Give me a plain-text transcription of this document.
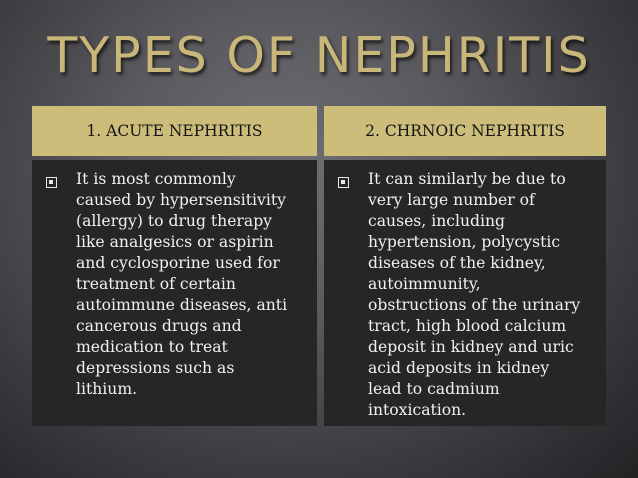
TYPES OF NEPHRITIS
1. ACUTE NEPHRITIS
It is most commonly
caused by hypersensitivity
(allergy) to drug therapy
like analgesics or aspirin
and cyclosporine used for
treatment of certain
autoimmune diseases, anti
cancerous drugs and
medication to treat
depressions such as
lithium.
2. CHRNOIC NEPHRITIS
It can similarly be due to
very large number of
causes, including
hypertension, polycystic
diseases of the kidney,
autoimmunity,
obstructions of the urinary
tract, high blood calcium
deposit in kidney and uric
acid deposits in kidney
lead to cadmium
intoxication.
